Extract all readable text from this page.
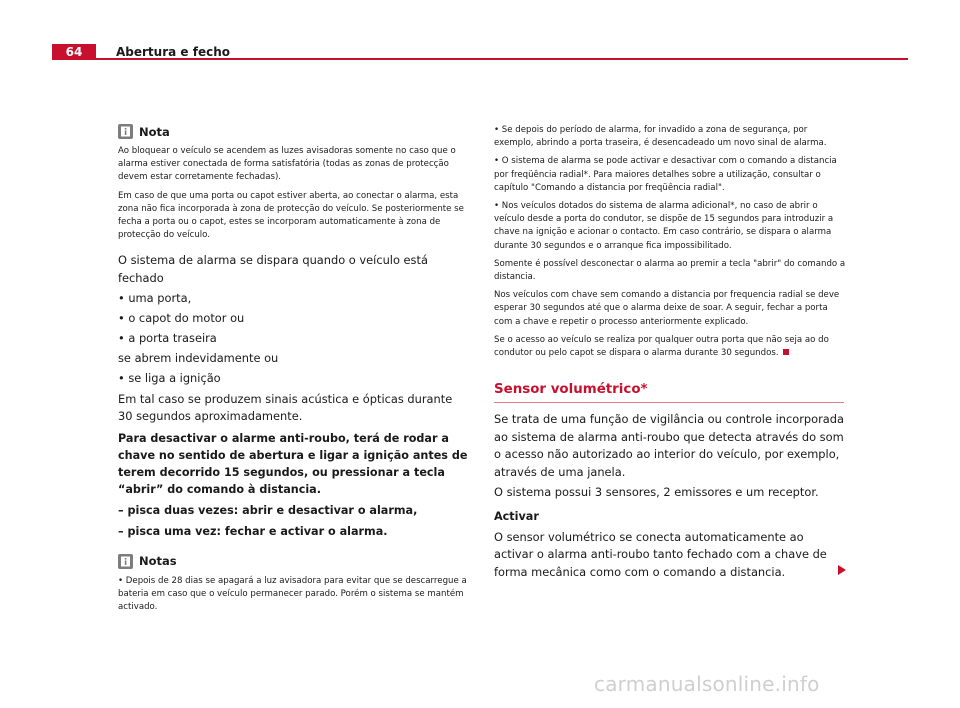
64	Abertura e fecho
Nota

Ao bloquear o veículo se acendem as luzes avisadoras somente no caso que o alarma estiver conectada de forma satisfatória (todas as zonas de protecção devem estar corretamente fechadas).

Em caso de que uma porta ou capot estiver aberta, ao conectar o alarma, esta zona não fica incorporada à zona de protecção do veículo. Se posteriormente se fecha a porta ou o capot, estes se incorporam automaticamente à zona de protecção do veículo.

O sistema de alarma se dispara quando o veículo está fechado

• uma porta,

• o capot do motor ou

• a porta traseira

se abrem indevidamente ou

• se liga a ignição

Em tal caso se produzem sinais acústica e ópticas durante 30 segundos aproximadamente.

Para desactivar o alarme anti-roubo, terá de rodar a chave no sentido de abertura e ligar a ignição antes de terem decorrido 15 segundos, ou pressionar a tecla “abrir” do comando à distancia.

– pisca duas vezes: abrir e desactivar o alarma,

– pisca uma vez: fechar e activar o alarma.

Notas

• Depois de 28 dias se apagará a luz avisadora para evitar que se descarregue a bateria em caso que o veículo permanecer parado. Porém o sistema se mantém activado.

• Se depois do período de alarma, for invadido a zona de segurança, por exemplo, abrindo a porta traseira, é desencadeado um novo sinal de alarma.

• O sistema de alarma se pode activar e desactivar com o comando a distancia por freqüência radial*. Para maiores detalhes sobre a utilização, consultar o capítulo "Comando a distancia por freqüência radial".

• Nos veículos dotados do sistema de alarma adicional*, no caso de abrir o veículo desde a porta do condutor, se dispõe de 15 segundos para introduzir a chave na ignição e acionar o contacto. Em caso contrário, se dispara o alarma durante 30 segundos e o arranque fica impossibilitado.

Somente é possível desconectar o alarma ao premir a tecla "abrir" do comando a distancia.

Nos veículos com chave sem comando a distancia por frequencia radial se deve esperar 30 segundos até que o alarma deixe de soar. A seguir, fechar a porta com a chave e repetir o processo anteriormente explicado.

Se o acesso ao veículo se realiza por qualquer outra porta que não seja ao do condutor ou pelo capot se dispara o alarma durante 30 segundos.

Sensor volumétrico*

Se trata de uma função de vigilância ou controle incorporada ao sistema de alarma anti-roubo que detecta através do som o acesso não autorizado ao interior do veículo, por exemplo, através de uma janela.

O sistema possui 3 sensores, 2 emissores e um receptor.

Activar

O sensor volumétrico se conecta automaticamente ao activar o alarma anti-roubo tanto fechado com a chave de forma mecânica como com o comando a distancia.

carmanualsonline.info
